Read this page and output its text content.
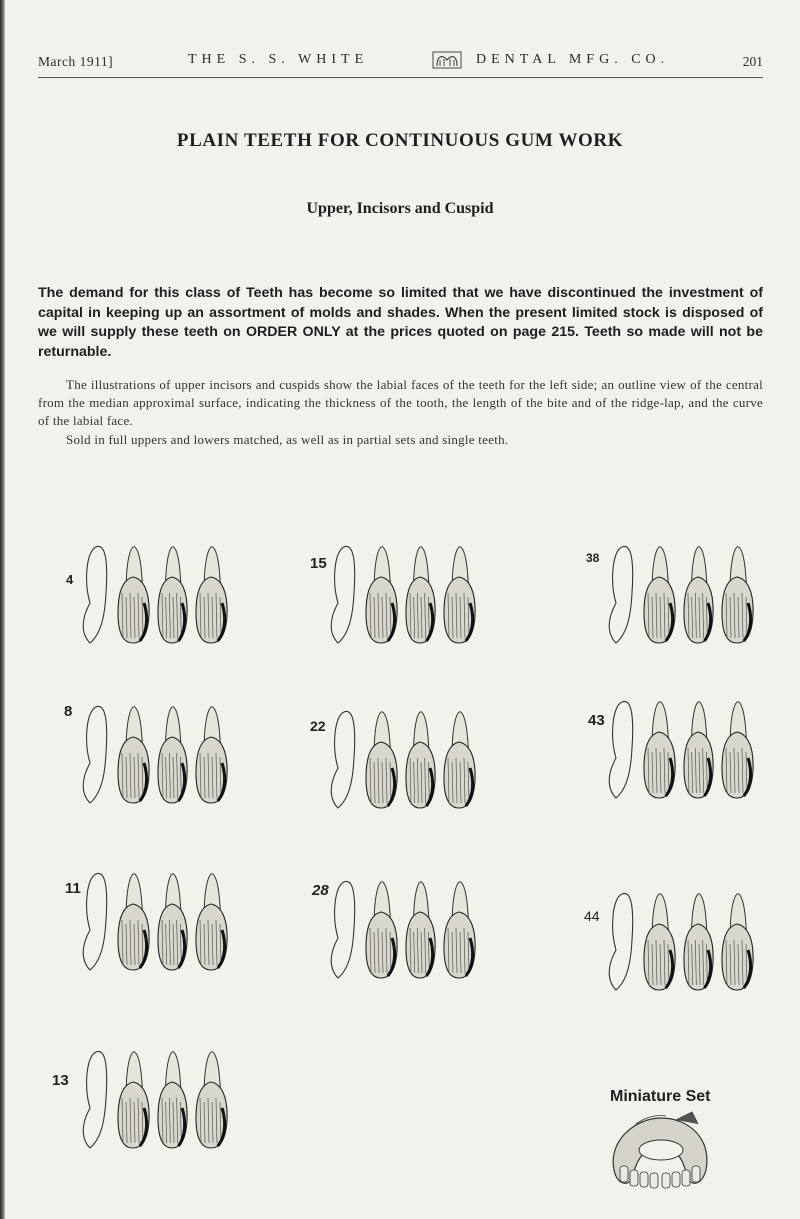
March 1911]	THE S. S. WHITE	DENTAL MFG. CO.	201
PLAIN TEETH FOR CONTINUOUS GUM WORK
Upper, Incisors and Cuspid
The demand for this class of Teeth has become so limited that we have discontinued the investment of capital in keeping up an assortment of molds and shades. When the present limited stock is disposed of we will supply these teeth on ORDER ONLY at the prices quoted on page 215. Teeth so made will not be returnable.
The illustrations of upper incisors and cuspids show the labial faces of the teeth for the left side; an outline view of the central from the median approximal surface, indicating the thickness of the tooth, the length of the bite and of the ridge-lap, and the curve of the labial face.
Sold in full uppers and lowers matched, as well as in partial sets and single teeth.
4
15	38
8
22	43
11	28
44
13
Miniature Set
